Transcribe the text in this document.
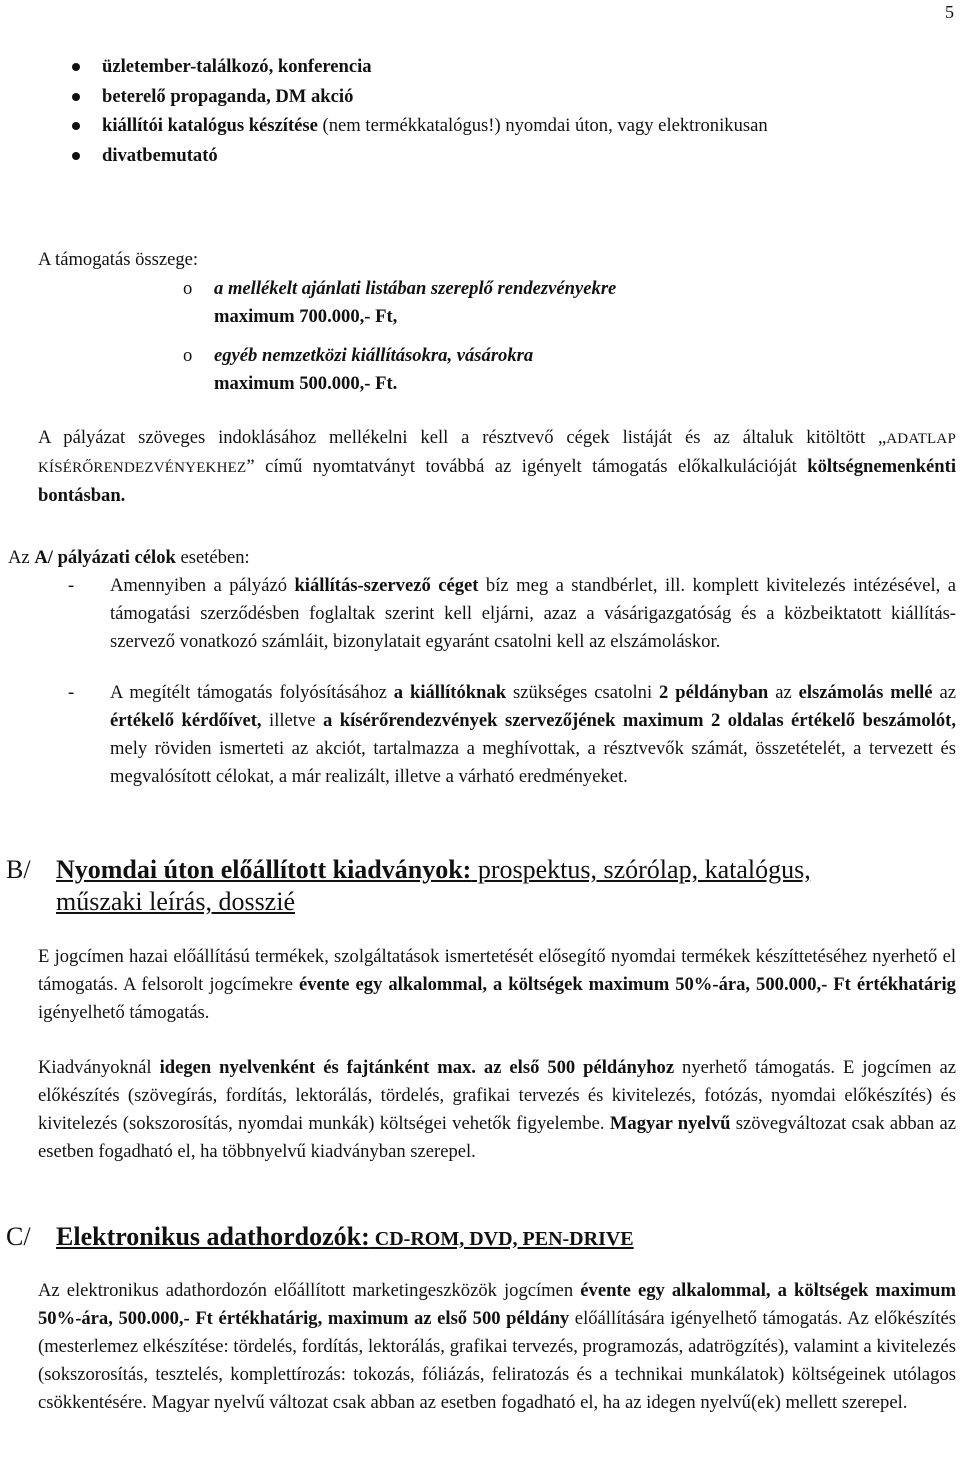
5
üzletember-találkozó, konferencia
beterelő propaganda, DM akció
kiállítói katalógus készítése (nem termékkatalógus!) nyomdai úton, vagy elektronikusan
divatbemutató
A támogatás összege:
o a mellékelt ajánlati listában szereplő rendezvényekre
maximum 700.000,- Ft,
o egyéb nemzetközi kiállításokra, vásárokra
maximum 500.000,- Ft.

A pályázat szöveges indoklásához mellékelni kell a résztvevő cégek listáját és az általuk kitöltött „ADATLAP KÍSÉRŐRENDEZVÉNYEKHEZ” című nyomtatványt továbbá az igényelt támogatás előkalkulációját költségnemenkénti bontásban.

Az A/ pályázati célok esetében:
-	Amennyiben a pályázó kiállítás-szervező céget bíz meg a standbérlet, ill. komplett kivitelezés intézésével, a támogatási szerződésben foglaltak szerint kell eljárni, azaz a vásárigazgatóság és a közbeiktatott kiállítás-szervező vonatkozó számláit, bizonylatait egyaránt csatolni kell az elszámoláskor.

-	A megítélt támogatás folyósításához a kiállítóknak szükséges csatolni 2 példányban az elszámolás mellé az értékelő kérdőívet, illetve a kísérőrendezvények szervezőjének maximum 2 oldalas értékelő beszámolót, mely röviden ismerteti az akciót, tartalmazza a meghívottak, a résztvevők számát, összetételét, a tervezett és megvalósított célokat, a már realizált, illetve a várható eredményeket.

B/ Nyomdai úton előállított kiadványok: prospektus, szórólap, katalógus,
műszaki leírás, dosszié

E jogcímen hazai előállítású termékek, szolgáltatások ismertetését elősegítő nyomdai termékek készíttetéséhez nyerhető el támogatás. A felsorolt jogcímekre évente egy alkalommal, a költségek maximum 50%-ára, 500.000,- Ft értékhatárig igényelhető támogatás.

Kiadványoknál idegen nyelvenként és fajtánként max. az első 500 példányhoz nyerhető támogatás. E jogcímen az előkészítés (szövegírás, fordítás, lektorálás, tördelés, grafikai tervezés és kivitelezés, fotózás, nyomdai előkészítés) és kivitelezés (sokszorosítás, nyomdai munkák) költségei vehetők figyelembe. Magyar nyelvű szövegváltozat csak abban az esetben fogadható el, ha többnyelvű kiadványban szerepel.

C/ Elektronikus adathordozók: CD-ROM, DVD, PEN-DRIVE

Az elektronikus adathordozón előállított marketingeszközök jogcímen évente egy alkalommal, a költségek maximum 50%-ára, 500.000,- Ft értékhatárig, maximum az első 500 példány előállítására igényelhető támogatás. Az előkészítés (mesterlemez elkészítése: tördelés, fordítás, lektorálás, grafikai tervezés, programozás, adatrögzítés), valamint a kivitelezés (sokszorosítás, tesztelés, komplettírozás: tokozás, fóliázás, feliratozás és a technikai munkálatok) költségeinek utólagos csökkentésére. Magyar nyelvű változat csak abban az esetben fogadható el, ha az idegen nyelvű(ek) mellett szerepel.
